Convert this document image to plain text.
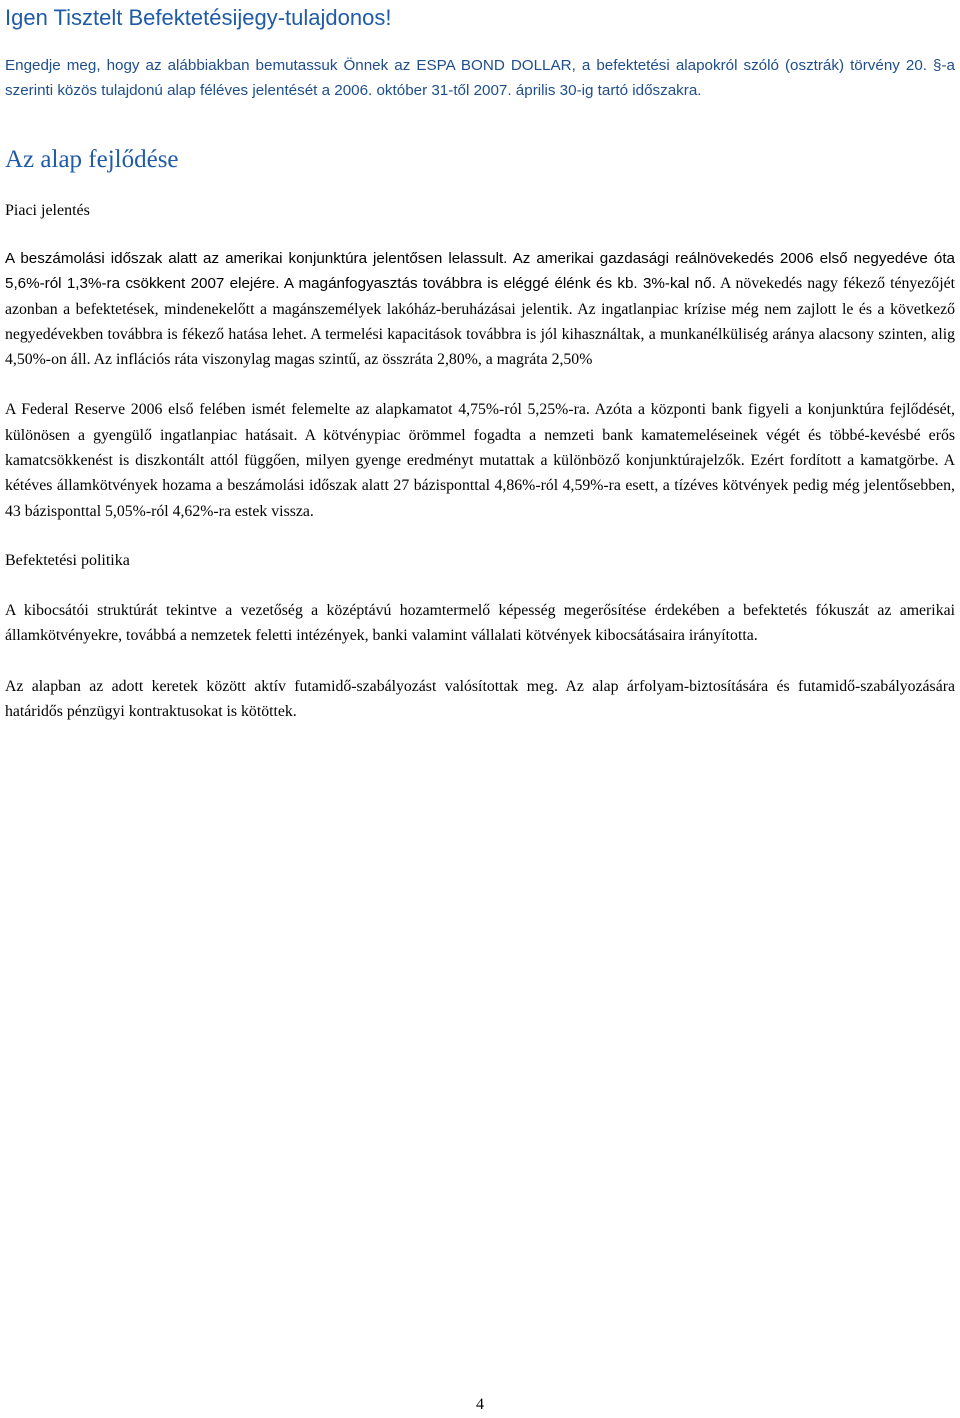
Igen Tisztelt Befektetésijegy-tulajdonos!

Engedje meg, hogy az alábbiakban bemutassuk Önnek az ESPA BOND DOLLAR, a befektetési alapokról szóló (osztrák) törvény 20. §-a szerinti közös tulajdonú alap féléves jelentését a 2006. október 31-től 2007. április 30-ig tartó időszakra.

Az alap fejlődése

Piaci jelentés

A beszámolási időszak alatt az amerikai konjunktúra jelentősen lelassult. Az amerikai gazdasági reálnövekedés 2006 első negyedéve óta 5,6%-ról 1,3%-ra csökkent 2007 elejére. A magánfogyasztás továbbra is eléggé élénk és kb. 3%-kal nő. A növekedés nagy fékező tényezőjét azonban a befektetések, mindenekelőtt a magánszemélyek lakóház-beruházásai jelentik. Az ingatlanpiac krízise még nem zajlott le és a következő negyedévekben továbbra is fékező hatása lehet. A termelési kapacitások továbbra is jól kihasználtak, a munkanélküliség aránya alacsony szinten, alig 4,50%-on áll. Az inflációs ráta viszonylag magas szintű, az összráta 2,80%, a magráta 2,50%

A Federal Reserve 2006 első felében ismét felemelte az alapkamatot 4,75%-ról 5,25%-ra. Azóta a központi bank figyeli a konjunktúra fejlődését, különösen a gyengülő ingatlanpiac hatásait. A kötvénypiac örömmel fogadta a nemzeti bank kamatemeléseinek végét és többé-kevésbé erős kamatcsökkenést is diszkontált attól függően, milyen gyenge eredményt mutattak a különböző konjunktúrajelzők. Ezért fordított a kamatgörbe. A kétéves államkötvények hozama a beszámolási időszak alatt 27 bázisponttal 4,86%-ról 4,59%-ra esett, a tízéves kötvények pedig még jelentősebben, 43 bázisponttal 5,05%-ról 4,62%-ra estek vissza.

Befektetési politika

A kibocsátói struktúrát tekintve a vezetőség a középtávú hozamtermelő képesség megerősítése érdekében a befektetés fókuszát az amerikai államkötvényekre, továbbá a nemzetek feletti intézények, banki valamint vállalati kötvények kibocsátásaira irányította.

Az alapban az adott keretek között aktív futamidő-szabályozást valósítottak meg. Az alap árfolyam-biztosítására és futamidő-szabályozására határidős pénzügyi kontraktusokat is kötöttek.

4
